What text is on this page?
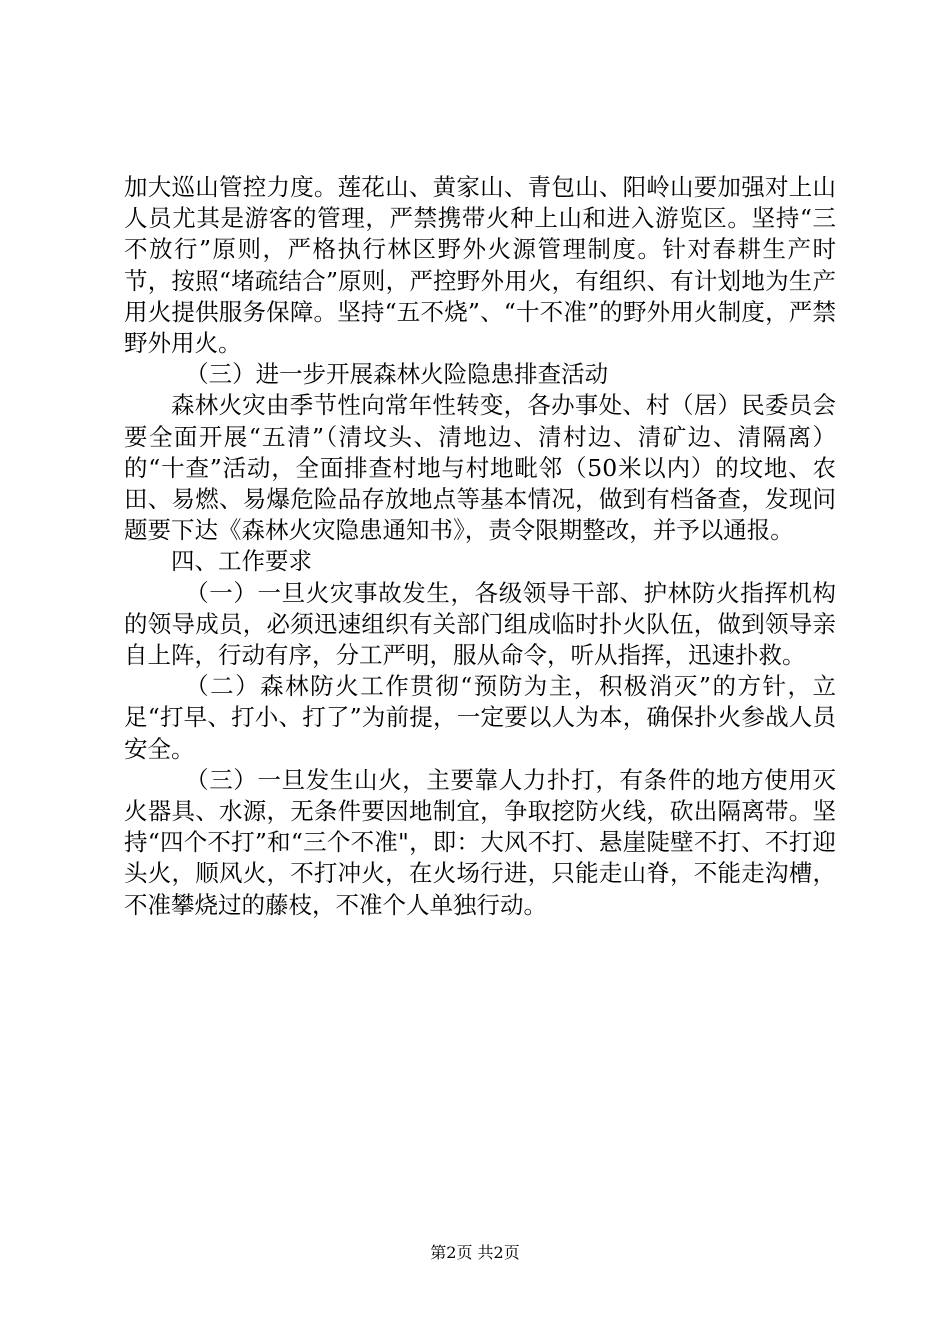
加大巡山管控力度。莲花山、黄家山、青包山、阳岭山要加强对上山人员尤其是游客的管理，严禁携带火种上山和进入游览区。坚持“三不放行”原则，严格执行林区野外火源管理制度。针对春耕生产时节，按照“堵疏结合”原则，严控野外用火，有组织、有计划地为生产用火提供服务保障。坚持“五不烧”、“十不准”的野外用火制度，严禁野外用火。

（三）进一步开展森林火险隐患排查活动

森林火灾由季节性向常年性转变，各办事处、村（居）民委员会要全面开展“五清”（清坟头、清地边、清村边、清矿边、清隔离）的“十查”活动，全面排查村地与村地毗邻（50米以内）的坟地、农田、易燃、易爆危险品存放地点等基本情况，做到有档备查，发现问题要下达《森林火灾隐患通知书》，责令限期整改，并予以通报。

四、工作要求

（一）一旦火灾事故发生，各级领导干部、护林防火指挥机构的领导成员，必须迅速组织有关部门组成临时扑火队伍，做到领导亲自上阵，行动有序，分工严明，服从命令，听从指挥，迅速扑救。

（二）森林防火工作贯彻“预防为主，积极消灭”的方针，立足“打早、打小、打了”为前提，一定要以人为本，确保扑火参战人员安全。

（三）一旦发生山火，主要靠人力扑打，有条件的地方使用灭火器具、水源，无条件要因地制宜，争取挖防火线，砍出隔离带。坚持“四个不打”和“三个不准"，即：大风不打、悬崖陡壁不打、不打迎头火，顺风火，不打冲火，在火场行进，只能走山脊，不能走沟槽，不准攀烧过的藤枝，不准个人单独行动。

第2页 共2页
